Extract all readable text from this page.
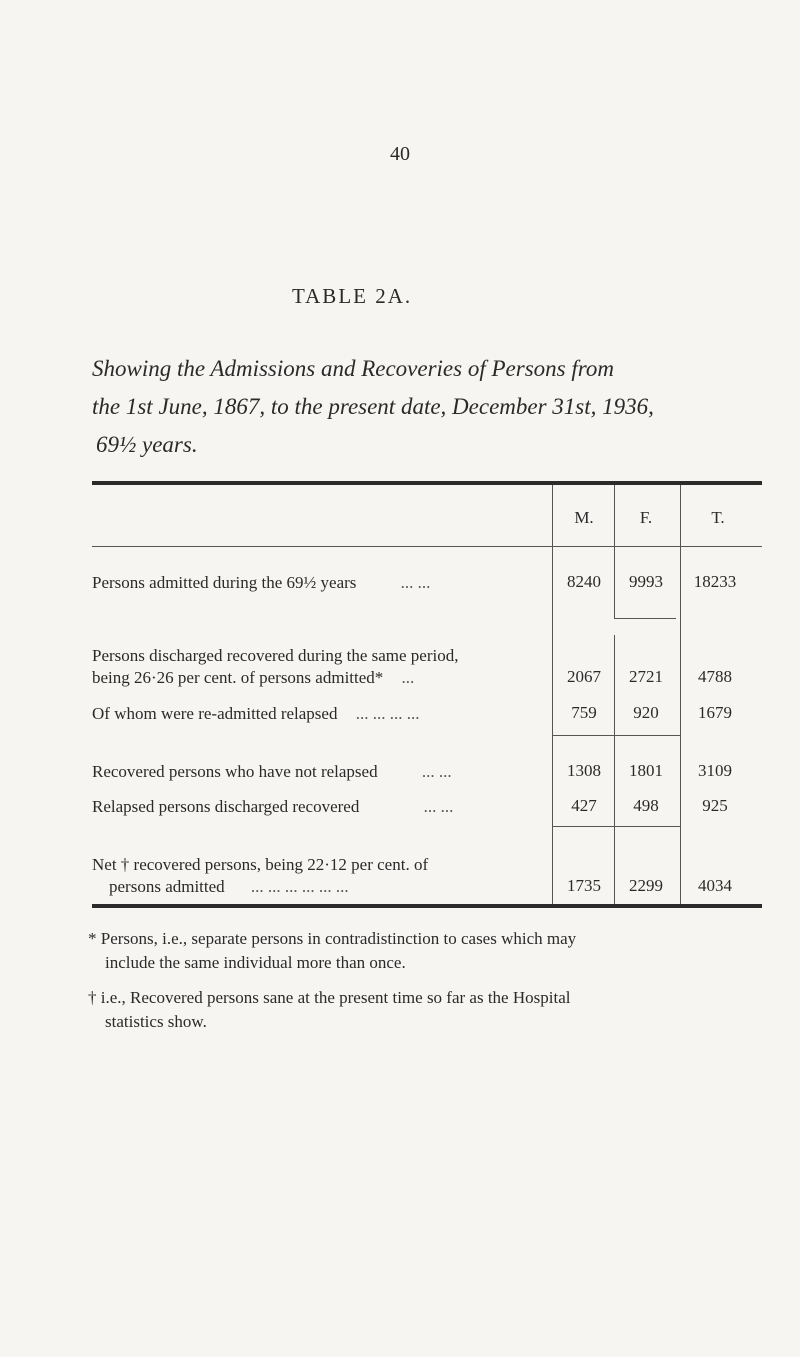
40
TABLE 2A.
Showing the Admissions and Recoveries of Persons from
the 1st June, 1867, to the present date, December 31st, 1936,
69½ years.
M.	F.	T.
Persons admitted during the 69½ years	... ...	8240	9993	18233
Persons discharged recovered during the same period,
being 26·26 per cent. of persons admitted* ...	2067	2721	4788
Of whom were re-admitted relapsed ... ... ... ...	759	920	1679
Recovered persons who have not relapsed	... ...	1308	1801	3109
Relapsed persons discharged recovered	... ...	427	498	925
Net † recovered persons, being 22·12 per cent. of
persons admitted ... ... ... ... ... ...	1735	2299	4034
* Persons, i.e., separate persons in contradistinction to cases which may
include the same individual more than once.
† i.e., Recovered persons sane at the present time so far as the Hospital
statistics show.
